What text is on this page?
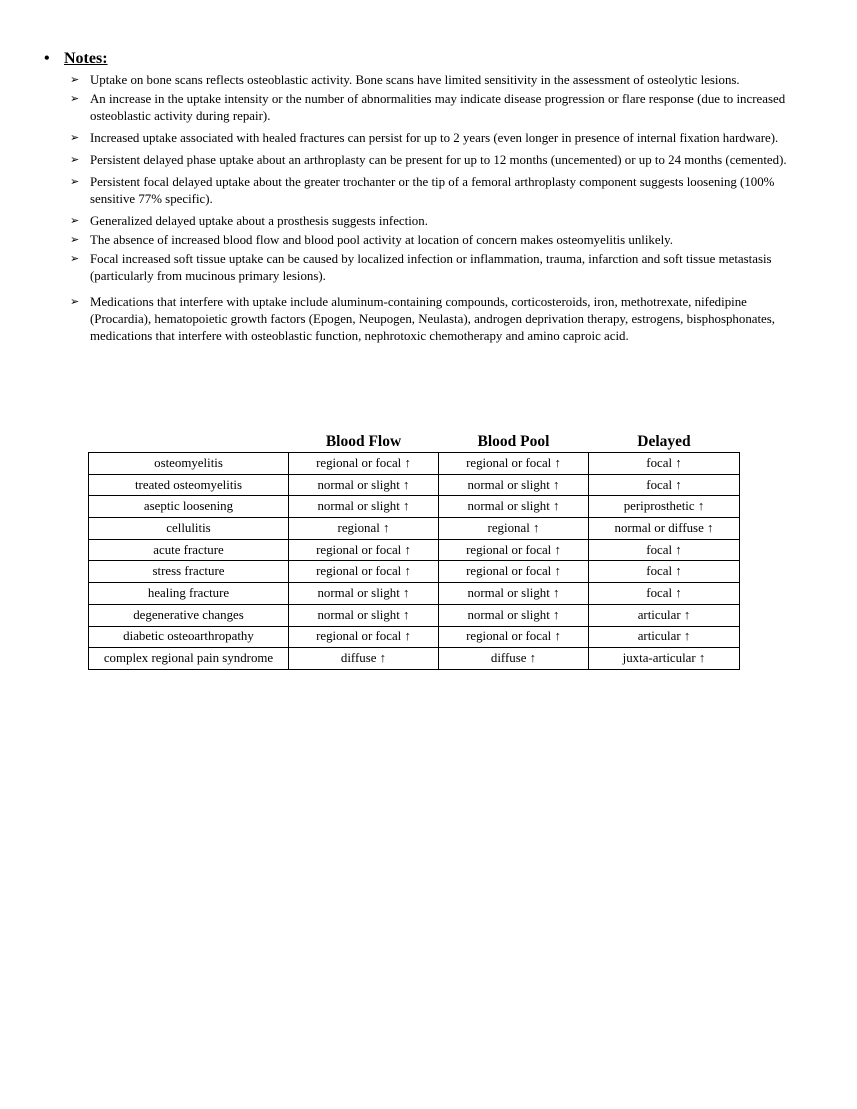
• Notes:
➢ Uptake on bone scans reflects osteoblastic activity. Bone scans have limited sensitivity in the assessment of osteolytic lesions.
➢ An increase in the uptake intensity or the number of abnormalities may indicate disease progression or flare response (due to increased osteoblastic activity during repair).
➢ Increased uptake associated with healed fractures can persist for up to 2 years (even longer in presence of internal fixation hardware).
➢ Persistent delayed phase uptake about an arthroplasty can be present for up to 12 months (uncemented) or up to 24 months (cemented).
➢ Persistent focal delayed uptake about the greater trochanter or the tip of a femoral arthroplasty component suggests loosening (100% sensitive 77% specific).
➢ Generalized delayed uptake about a prosthesis suggests infection.
➢ The absence of increased blood flow and blood pool activity at location of concern makes osteomyelitis unlikely.
➢ Focal increased soft tissue uptake can be caused by localized infection or inflammation, trauma, infarction and soft tissue metastasis (particularly from mucinous primary lesions).
➢ Medications that interfere with uptake include aluminum-containing compounds, corticosteroids, iron, methotrexate, nifedipine (Procardia), hematopoietic growth factors (Epogen, Neupogen, Neulasta), androgen deprivation therapy, estrogens, bisphosphonates, medications that interfere with osteoblastic function, nephrotoxic chemotherapy and amino caproic acid.
	Blood Flow	Blood Pool	Delayed
osteomyelitis	regional or focal ↑	regional or focal ↑	focal ↑
treated osteomyelitis	normal or slight ↑	normal or slight ↑	focal ↑
aseptic loosening	normal or slight ↑	normal or slight ↑	periprosthetic ↑
cellulitis	regional ↑	regional ↑	normal or diffuse ↑
acute fracture	regional or focal ↑	regional or focal ↑	focal ↑
stress fracture	regional or focal ↑	regional or focal ↑	focal ↑
healing fracture	normal or slight ↑	normal or slight ↑	focal ↑
degenerative changes	normal or slight ↑	normal or slight ↑	articular ↑
diabetic osteoarthropathy	regional or focal ↑	regional or focal ↑	articular ↑
complex regional pain syndrome	diffuse ↑	diffuse ↑	juxta-articular ↑
